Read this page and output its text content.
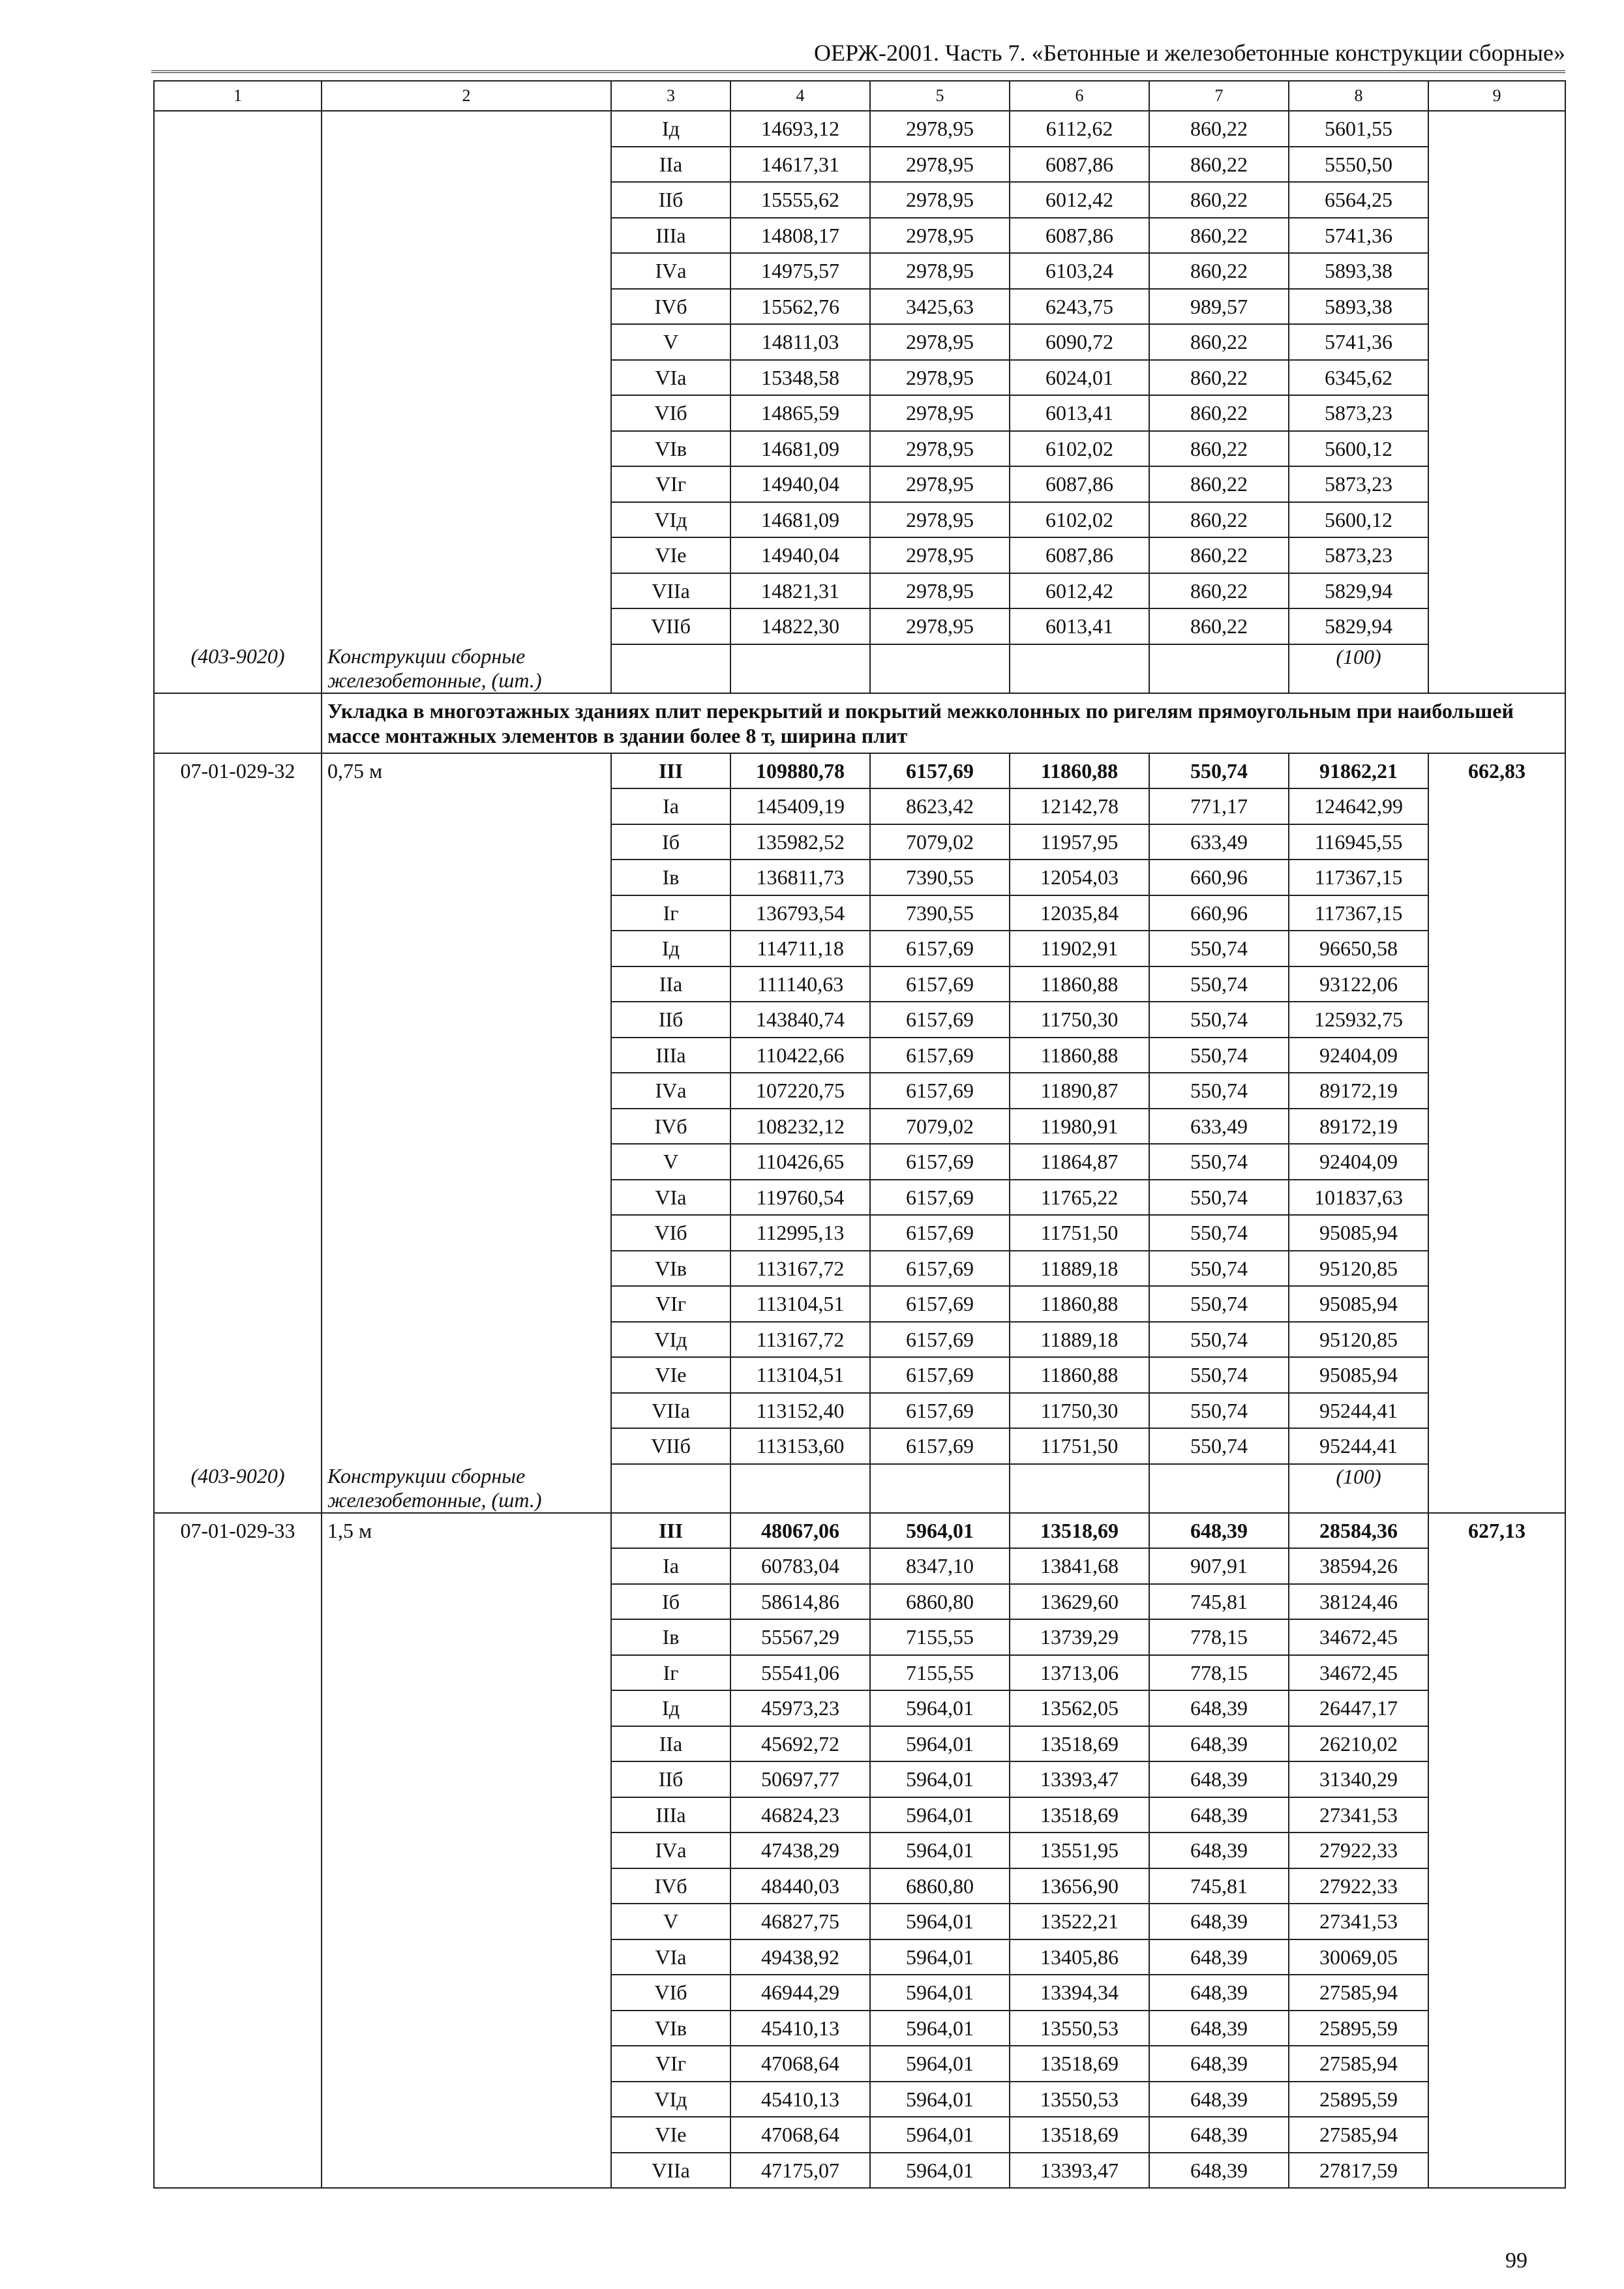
ОЕРЖ-2001. Часть 7. «Бетонные и железобетонные конструкции сборные»
1	2	3	4	5	6	7	8	9
		Iд	14693,12	2978,95	6112,62	860,22	5601,55	
		IIа	14617,31	2978,95	6087,86	860,22	5550,50	
		IIб	15555,62	2978,95	6012,42	860,22	6564,25	
		IIIа	14808,17	2978,95	6087,86	860,22	5741,36	
		IVа	14975,57	2978,95	6103,24	860,22	5893,38	
		IVб	15562,76	3425,63	6243,75	989,57	5893,38	
		V	14811,03	2978,95	6090,72	860,22	5741,36	
		VIа	15348,58	2978,95	6024,01	860,22	6345,62	
		VIб	14865,59	2978,95	6013,41	860,22	5873,23	
		VIв	14681,09	2978,95	6102,02	860,22	5600,12	
		VIг	14940,04	2978,95	6087,86	860,22	5873,23	
		VIд	14681,09	2978,95	6102,02	860,22	5600,12	
		VIе	14940,04	2978,95	6087,86	860,22	5873,23	
		VIIа	14821,31	2978,95	6012,42	860,22	5829,94	
		VIIб	14822,30	2978,95	6013,41	860,22	5829,94	
(403-9020)	Конструкции сборные железобетонные, (шт.)						(100)	
	Укладка в многоэтажных зданиях плит перекрытий и покрытий межколонных по ригелям прямоугольным при наибольшей массе монтажных элементов в здании более 8 т, ширина плит							
07-01-029-32	0,75 м	III	109880,78	6157,69	11860,88	550,74	91862,21	662,83
		Iа	145409,19	8623,42	12142,78	771,17	124642,99	
		Iб	135982,52	7079,02	11957,95	633,49	116945,55	
		Iв	136811,73	7390,55	12054,03	660,96	117367,15	
		Iг	136793,54	7390,55	12035,84	660,96	117367,15	
		Iд	114711,18	6157,69	11902,91	550,74	96650,58	
		IIа	111140,63	6157,69	11860,88	550,74	93122,06	
		IIб	143840,74	6157,69	11750,30	550,74	125932,75	
		IIIа	110422,66	6157,69	11860,88	550,74	92404,09	
		IVа	107220,75	6157,69	11890,87	550,74	89172,19	
		IVб	108232,12	7079,02	11980,91	633,49	89172,19	
		V	110426,65	6157,69	11864,87	550,74	92404,09	
		VIа	119760,54	6157,69	11765,22	550,74	101837,63	
		VIб	112995,13	6157,69	11751,50	550,74	95085,94	
		VIв	113167,72	6157,69	11889,18	550,74	95120,85	
		VIг	113104,51	6157,69	11860,88	550,74	95085,94	
		VIд	113167,72	6157,69	11889,18	550,74	95120,85	
		VIе	113104,51	6157,69	11860,88	550,74	95085,94	
		VIIа	113152,40	6157,69	11750,30	550,74	95244,41	
		VIIб	113153,60	6157,69	11751,50	550,74	95244,41	
(403-9020)	Конструкции сборные железобетонные, (шт.)						(100)	
07-01-029-33	1,5 м	III	48067,06	5964,01	13518,69	648,39	28584,36	627,13
		Iа	60783,04	8347,10	13841,68	907,91	38594,26	
		Iб	58614,86	6860,80	13629,60	745,81	38124,46	
		Iв	55567,29	7155,55	13739,29	778,15	34672,45	
		Iг	55541,06	7155,55	13713,06	778,15	34672,45	
		Iд	45973,23	5964,01	13562,05	648,39	26447,17	
		IIа	45692,72	5964,01	13518,69	648,39	26210,02	
		IIб	50697,77	5964,01	13393,47	648,39	31340,29	
		IIIа	46824,23	5964,01	13518,69	648,39	27341,53	
		IVа	47438,29	5964,01	13551,95	648,39	27922,33	
		IVб	48440,03	6860,80	13656,90	745,81	27922,33	
		V	46827,75	5964,01	13522,21	648,39	27341,53	
		VIа	49438,92	5964,01	13405,86	648,39	30069,05	
		VIб	46944,29	5964,01	13394,34	648,39	27585,94	
		VIв	45410,13	5964,01	13550,53	648,39	25895,59	
		VIг	47068,64	5964,01	13518,69	648,39	27585,94	
		VIд	45410,13	5964,01	13550,53	648,39	25895,59	
		VIе	47068,64	5964,01	13518,69	648,39	27585,94	
		VIIа	47175,07	5964,01	13393,47	648,39	27817,59	
99
